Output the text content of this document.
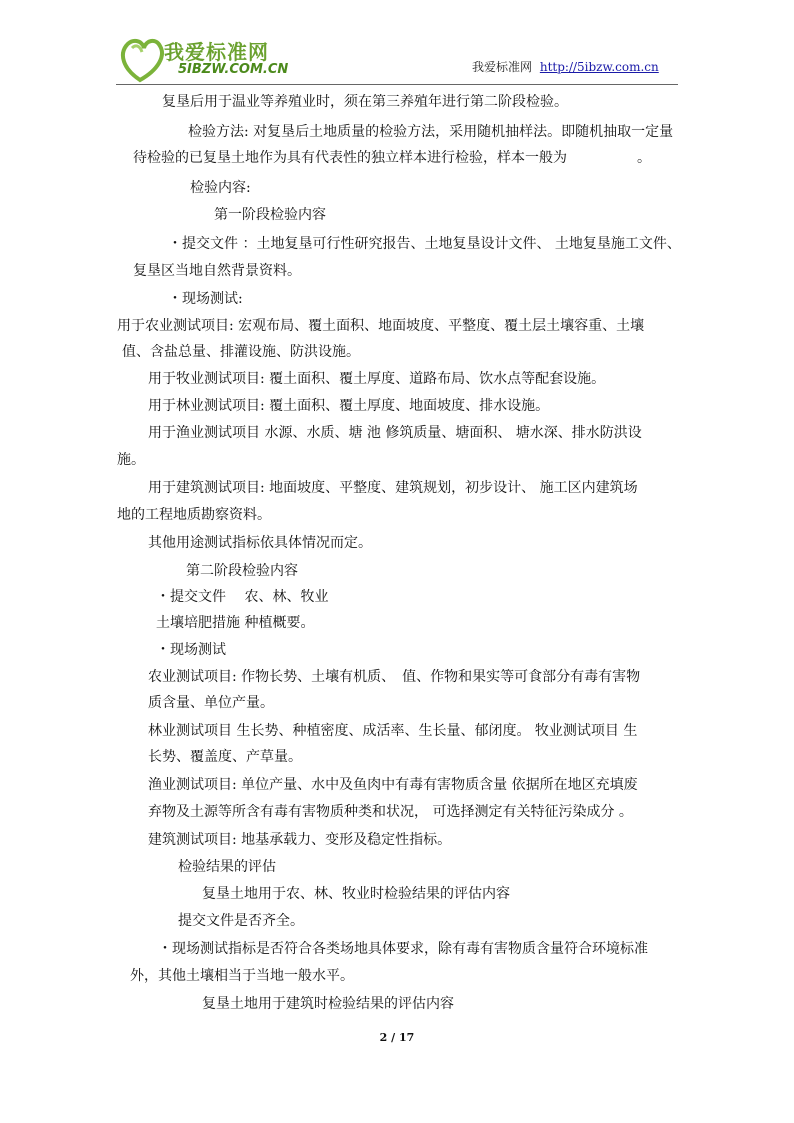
我爱标准网
5IBZW.COM.CN	我爱标准网 http://5ibzw.com.cn
复垦后用于温业等养殖业时，须在第三养殖年进行第二阶段检验。
检验方法: 对复垦后土地质量的检验方法，采用随机抽样法。即随机抽取一定量
待检验的已复垦土地作为具有代表性的独立样本进行检验，样本一般为　　　　　。
检验内容:
第一阶段检验内容
・提交文件 ：土地复垦可行性研究报告、土地复垦设计文件、 土地复垦施工文件、
复垦区当地自然背景资料。
・现场测试:
用于农业测试项目: 宏观布局、覆土面积、地面坡度、平整度、覆土层土壤容重、土壤
值、含盐总量、排灌设施、防洪设施。
用于牧业测试项目: 覆土面积、覆土厚度、道路布局、饮水点等配套设施。
用于林业测试项目: 覆土面积、覆土厚度、地面坡度、排水设施。
用于渔业测试项目 水源、水质、塘 池 修筑质量、塘面积、 塘水深、排水防洪设
施。
用于建筑测试项目: 地面坡度、平整度、建筑规划，初步设计、 施工区内建筑场
地的工程地质勘察资料。
其他用途测试指标依具体情况而定。
第二阶段检验内容
・提交文件　 农、林、牧业
土壤培肥措施 种植概要。
・现场测试
农业测试项目: 作物长势、土壤有机质、　值、作物和果实等可食部分有毒有害物
质含量、单位产量。
林业测试项目 生长势、种植密度、成活率、生长量、郁闭度。 牧业测试项目 生
长势、覆盖度、产草量。
渔业测试项目: 单位产量、水中及鱼肉中有毒有害物质含量 依据所在地区充填废
弃物及土源等所含有毒有害物质种类和状况， 可选择测定有关特征污染成分 。
建筑测试项目: 地基承载力、变形及稳定性指标。
检验结果的评估
复垦土地用于农、林、牧业时检验结果的评估内容
提交文件是否齐全。
・现场测试指标是否符合各类场地具体要求，除有毒有害物质含量符合环境标准
外，其他土壤相当于当地一般水平。
复垦土地用于建筑时检验结果的评估内容
2 / 17
